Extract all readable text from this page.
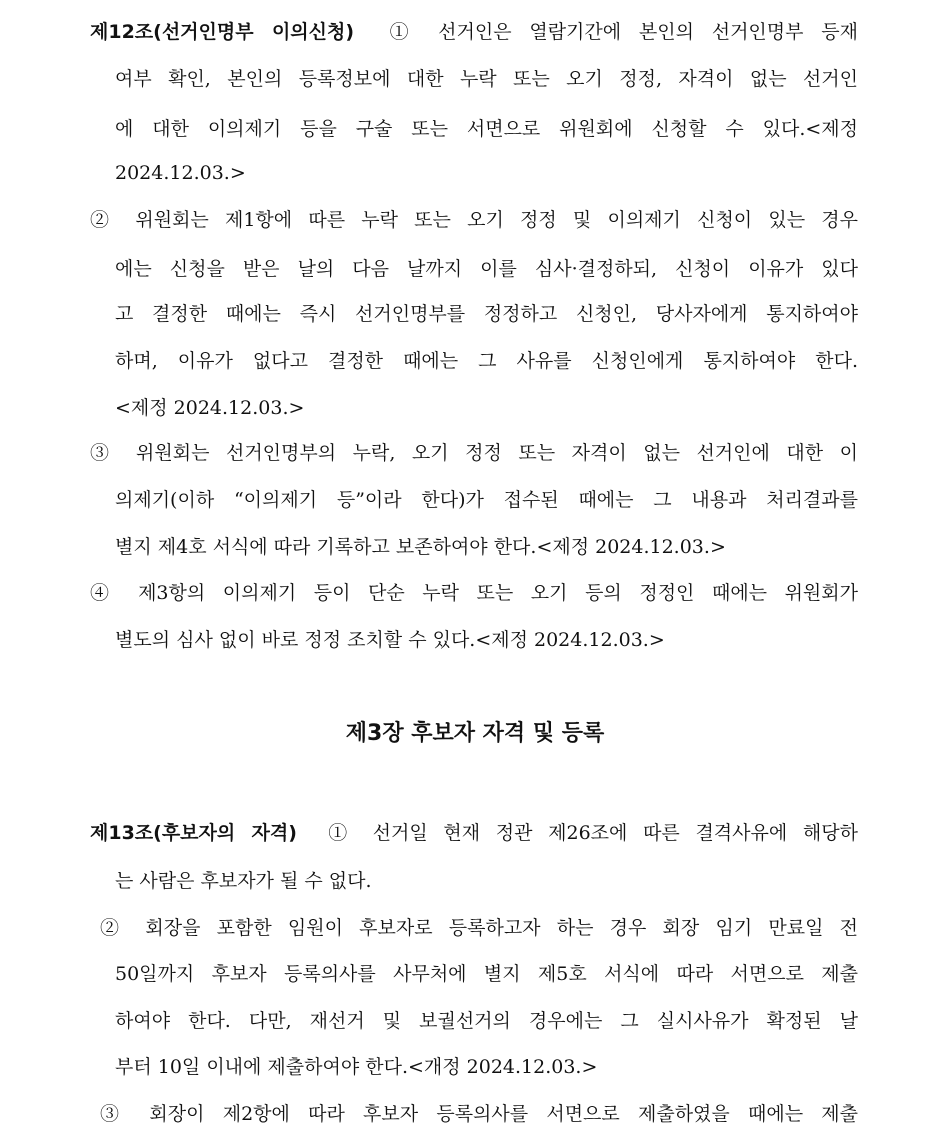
제12조(선거인명부 이의신청) ① 선거인은 열람기간에 본인의 선거인명부 등재
여부 확인, 본인의 등록정보에 대한 누락 또는 오기 정정, 자격이 없는 선거인
에 대한 이의제기 등을 구술 또는 서면으로 위원회에 신청할 수 있다.<제정
2024.12.03.>
② 위원회는 제1항에 따른 누락 또는 오기 정정 및 이의제기 신청이 있는 경우
에는 신청을 받은 날의 다음 날까지 이를 심사·결정하되, 신청이 이유가 있다
고 결정한 때에는 즉시 선거인명부를 정정하고 신청인, 당사자에게 통지하여야
하며, 이유가 없다고 결정한 때에는 그 사유를 신청인에게 통지하여야 한다.
<제정 2024.12.03.>
③ 위원회는 선거인명부의 누락, 오기 정정 또는 자격이 없는 선거인에 대한 이
의제기(이하 “이의제기 등”이라 한다)가 접수된 때에는 그 내용과 처리결과를
별지 제4호 서식에 따라 기록하고 보존하여야 한다.<제정 2024.12.03.>
④ 제3항의 이의제기 등이 단순 누락 또는 오기 등의 정정인 때에는 위원회가
별도의 심사 없이 바로 정정 조치할 수 있다.<제정 2024.12.03.>
제3장 후보자 자격 및 등록
제13조(후보자의 자격) ① 선거일 현재 정관 제26조에 따른 결격사유에 해당하
는 사람은 후보자가 될 수 없다.
② 회장을 포함한 임원이 후보자로 등록하고자 하는 경우 회장 임기 만료일 전
50일까지 후보자 등록의사를 사무처에 별지 제5호 서식에 따라 서면으로 제출
하여야 한다. 다만, 재선거 및 보궐선거의 경우에는 그 실시사유가 확정된 날
부터 10일 이내에 제출하여야 한다.<개정 2024.12.03.>
③ 회장이 제2항에 따라 후보자 등록의사를 서면으로 제출하였을 때에는 제출
